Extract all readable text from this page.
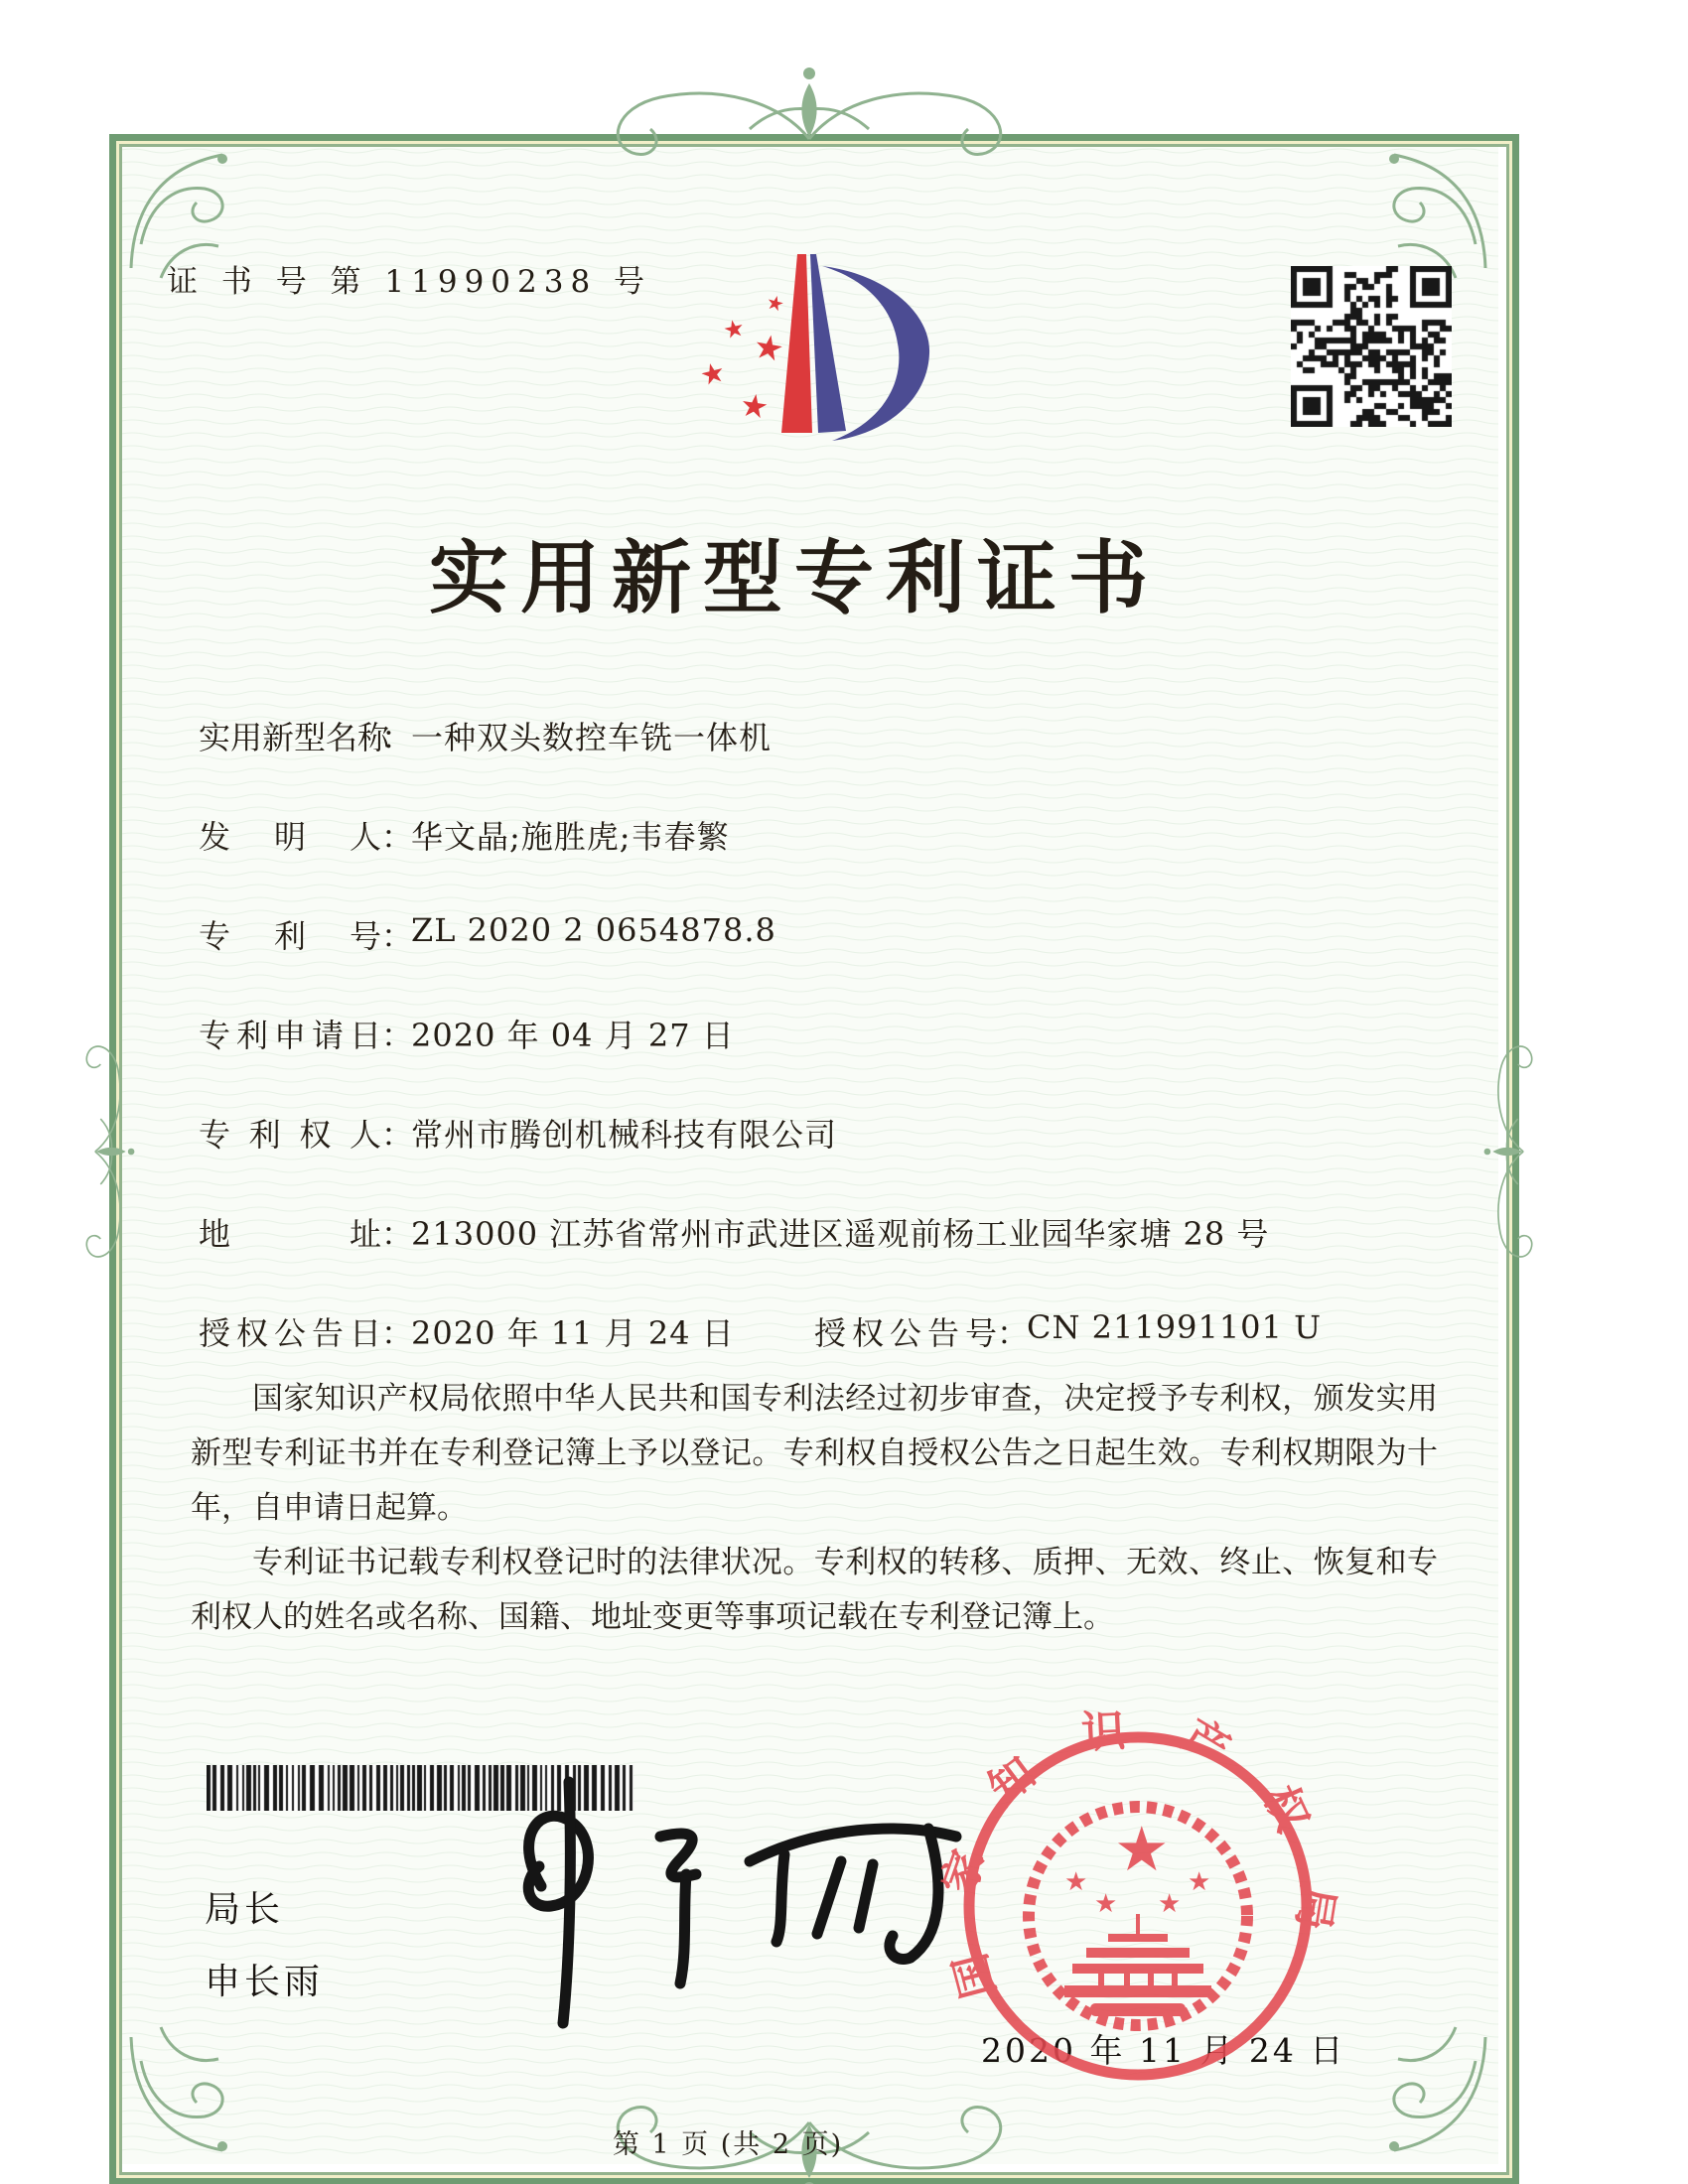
证 书 号 第 11990238 号
★
★ ★
★
★
实用新型专利证书
实用新型名称：一种双头数控车铣一体机
发明人：华文晶;施胜虎;韦春繁
专利号：ZL 2020 2 0654878.8
专利申请日：2020 年 04 月 27 日
专利权人：常州市腾创机械科技有限公司
地址：213000 江苏省常州市武进区遥观前杨工业园华家塘 28 号
授权公告日：2020 年 11 月 24 日	授权公告号：CN 211991101 U

国家知识产权局依照中华人民共和国专利法经过初步审查，决定授予专利权，颁发实用新型专利证书并在专利登记簿上予以登记。专利权自授权公告之日起生效。专利权期限为十年，自申请日起算。

专利证书记载专利权登记时的法律状况。专利权的转移、质押、无效、终止、恢复和专利权人的姓名或名称、国籍、地址变更等事项记载在专利登记簿上。

局长
申长雨
2020 年 11 月 24 日
国家知识产权局
★
★	★
★ ★
第 1 页 (共 2 页)
